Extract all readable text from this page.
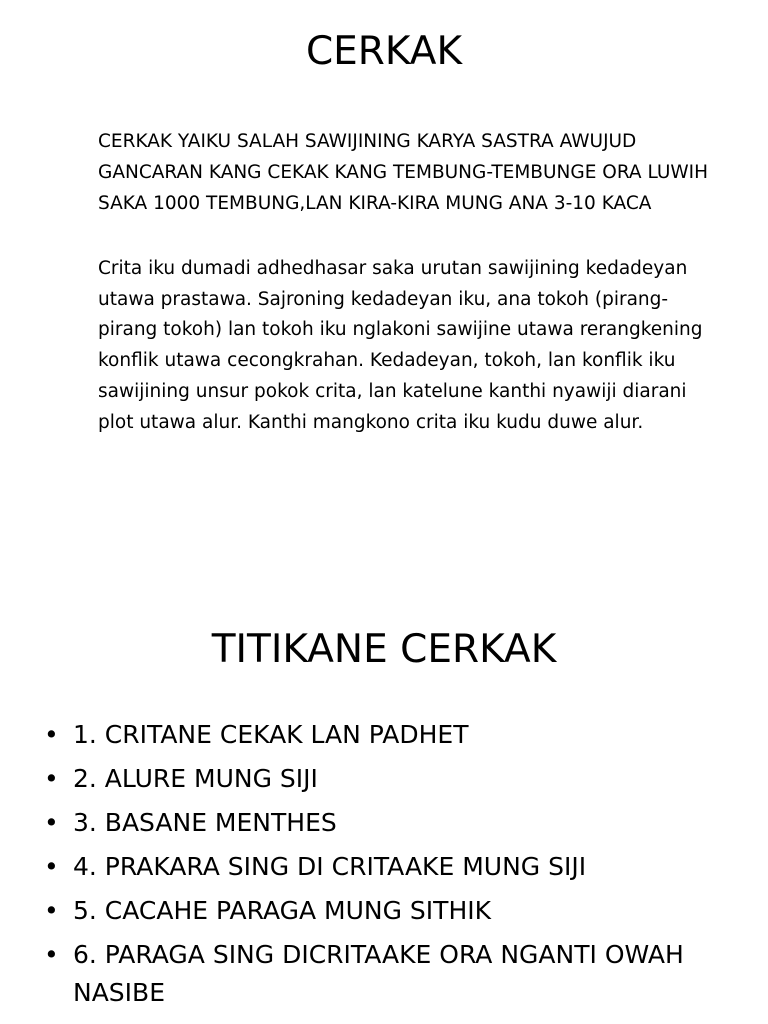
CERKAK

CERKAK YAIKU SALAH SAWIJINING KARYA SASTRA AWUJUD GANCARAN KANG CEKAK KANG TEMBUNG-TEMBUNGE ORA LUWIH SAKA 1000 TEMBUNG,LAN KIRA-KIRA MUNG ANA 3-10 KACA

Crita iku dumadi adhedhasar saka urutan sawijining kedadeyan utawa prastawa. Sajroning kedadeyan iku, ana tokoh (pirang-pirang tokoh) lan tokoh iku nglakoni sawijine utawa rerangkening konflik utawa cecongkrahan. Kedadeyan, tokoh, lan konflik iku sawijining unsur pokok crita, lan katelune kanthi nyawiji diarani plot utawa alur. Kanthi mangkono crita iku kudu duwe alur.

TITIKANE CERKAK
• 1. CRITANE CEKAK LAN PADHET
• 2. ALURE MUNG SIJI
• 3. BASANE MENTHES
• 4. PRAKARA SING DI CRITAAKE MUNG SIJI
• 5. CACAHE PARAGA MUNG SITHIK
• 6. PARAGA SING DICRITAAKE ORA NGANTI OWAH NASIBE
